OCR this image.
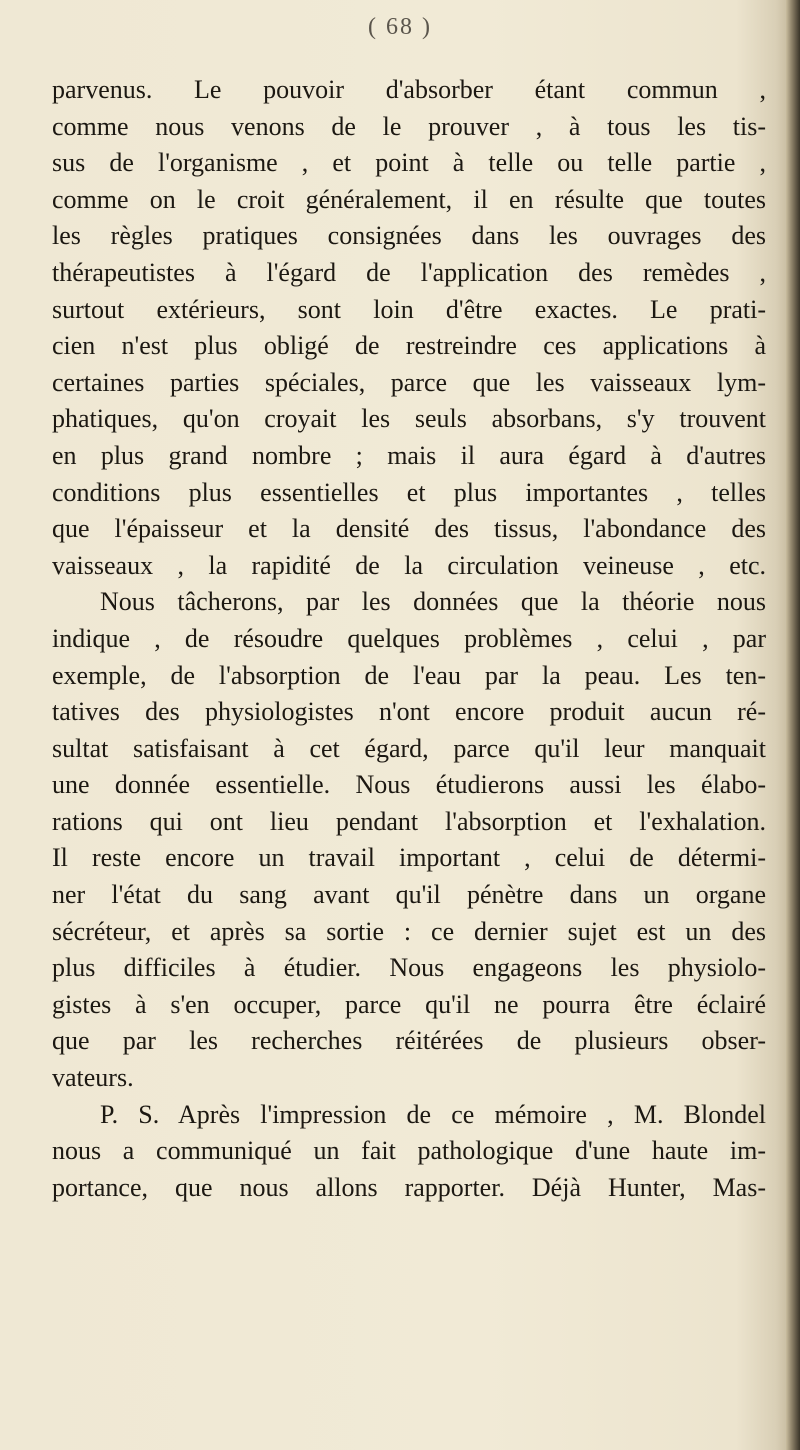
( 68 )
parvenus. Le pouvoir d'absorber étant commun ,
comme nous venons de le prouver , à tous les tis-
sus de l'organisme , et point à telle ou telle partie ,
comme on le croit généralement, il en résulte que toutes
les règles pratiques consignées dans les ouvrages des
thérapeutistes à l'égard de l'application des remèdes ,
surtout extérieurs, sont loin d'être exactes. Le prati-
cien n'est plus obligé de restreindre ces applications à
certaines parties spéciales, parce que les vaisseaux lym-
phatiques, qu'on croyait les seuls absorbans, s'y trouvent
en plus grand nombre ; mais il aura égard à d'autres
conditions plus essentielles et plus importantes , telles
que l'épaisseur et la densité des tissus, l'abondance des
vaisseaux , la rapidité de la circulation veineuse , etc.
Nous tâcherons, par les données que la théorie nous
indique , de résoudre quelques problèmes , celui , par
exemple, de l'absorption de l'eau par la peau. Les ten-
tatives des physiologistes n'ont encore produit aucun ré-
sultat satisfaisant à cet égard, parce qu'il leur manquait
une donnée essentielle. Nous étudierons aussi les élabo-
rations qui ont lieu pendant l'absorption et l'exhalation.
Il reste encore un travail important , celui de détermi-
ner l'état du sang avant qu'il pénètre dans un organe
sécréteur, et après sa sortie : ce dernier sujet est un des
plus difficiles à étudier. Nous engageons les physiolo-
gistes à s'en occuper, parce qu'il ne pourra être éclairé
que par les recherches réitérées de plusieurs obser-
vateurs.
P. S. Après l'impression de ce mémoire , M. Blondel
nous a communiqué un fait pathologique d'une haute im-
portance, que nous allons rapporter. Déjà Hunter, Mas-
